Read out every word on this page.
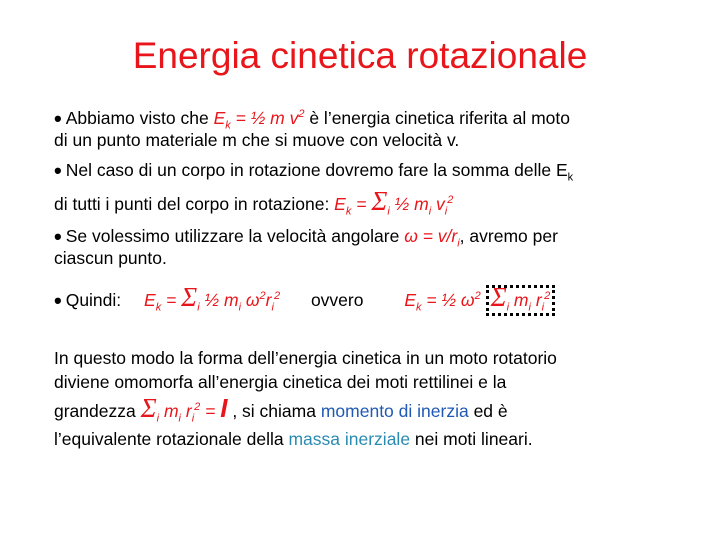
Energia cinetica rotazionale
• Abbiamo visto che $E_k$ = ½ m $v^2$ è l’energia cinetica riferita al moto
di un punto materiale m che si muove con velocità v.
• Nel caso di un corpo in rotazione dovremo fare la somma delle $E_k$
di tutti i punti del corpo in rotazione: $E_k = \Sigma_i$ ½ $m_i$ $v_i^2$
• Se volessimo utilizzare la velocità angolare $\omega = v/r_i$, avremo per
ciascun punto.
• Quindi: $E_k = \Sigma_i$ ½ $m_i$ $\omega^2r_i^2$ ovvero $E_k$ = ½ $\omega^2$ $\Sigma_i$ $m_i$ $r_i^2$
In questo modo la forma dell’energia cinetica in un moto rotatorio
diviene omomorfa all’energia cinetica dei moti rettilinei e la
grandezza $\Sigma_i$ $m_i$ $r_i^2 = I$ , si chiama momento di inerzia ed è
l’equivalente rotazionale della massa inerziale nei moti lineari.
